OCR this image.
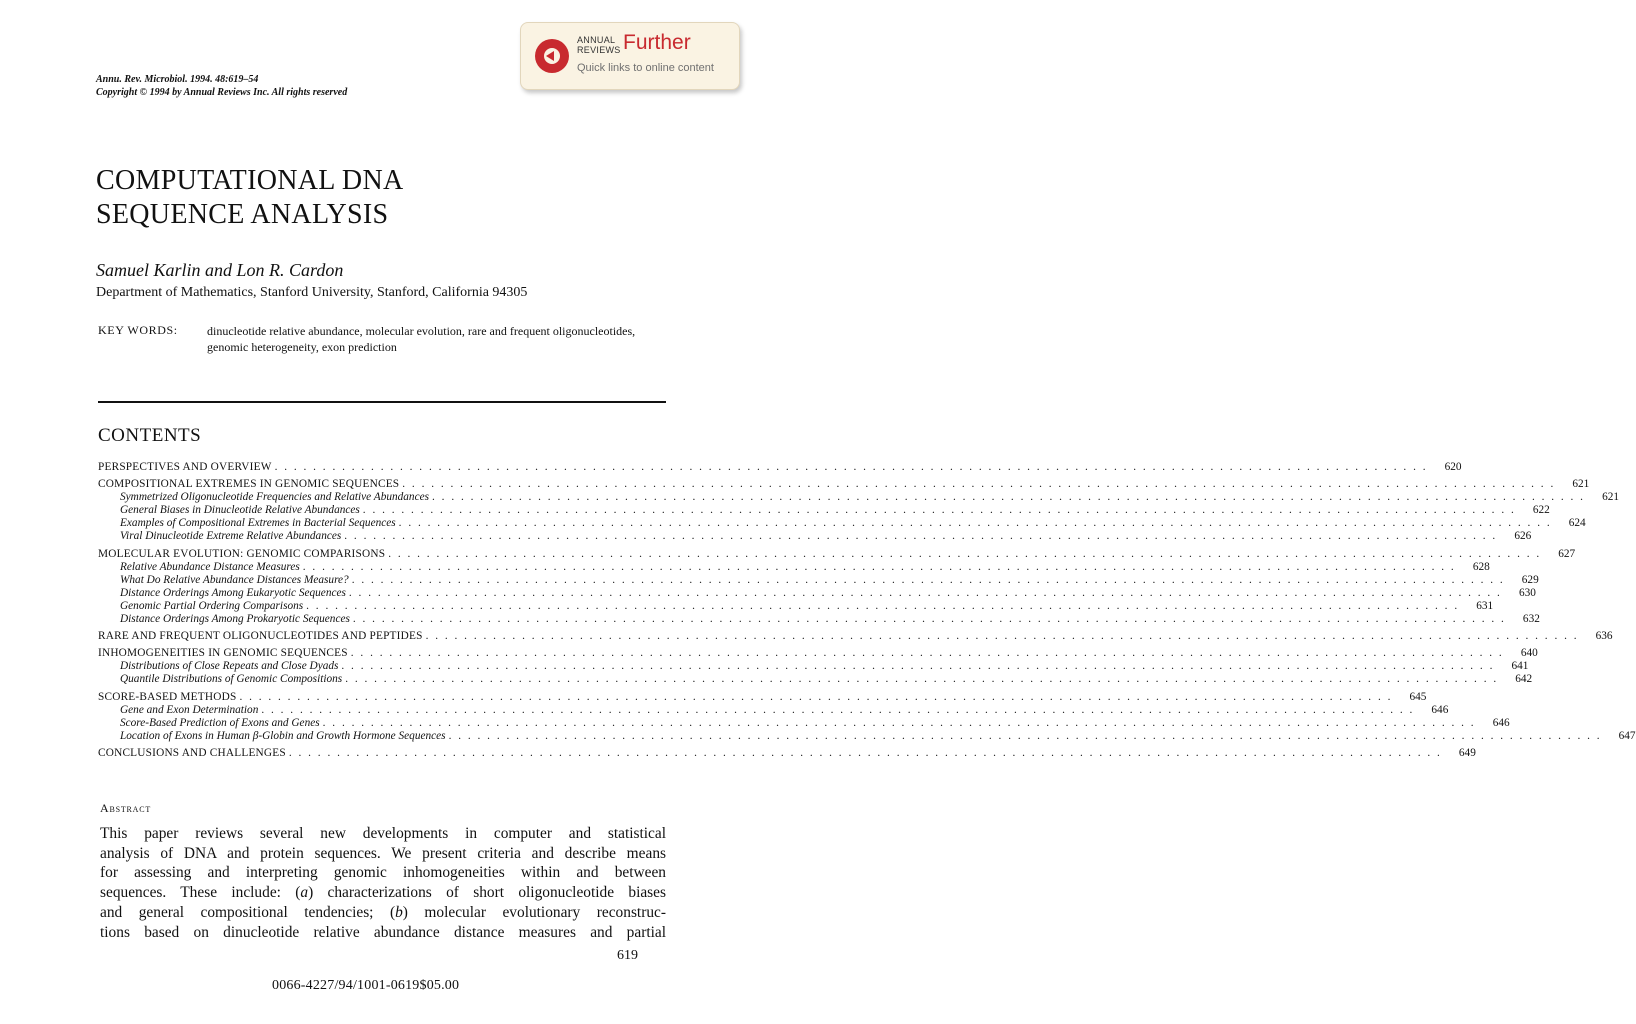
ANNUAL
REVIEWS Further
Quick links to online content
Annu. Rev. Microbiol. 1994. 48:619–54
Copyright © 1994 by Annual Reviews Inc. All rights reserved
COMPUTATIONAL DNA
SEQUENCE ANALYSIS
Samuel Karlin and Lon R. Cardon
Department of Mathematics, Stanford University, Stanford, California 94305
KEY WORDS: dinucleotide relative abundance, molecular evolution, rare and frequent oligonucleotides, genomic heterogeneity, exon prediction
CONTENTS
PERSPECTIVES AND OVERVIEW . . . . . . . . . . . . . . . . . . . . . . . . . . . . . . . . . . . . . . . . . . . . . . . . . . . . . . . . . . . . . . . . . . . . . . . . . . . . . . . . . . . . . . . . . . . . . . . . . . . . . . . . . . . . . . . . . . . . . . . .	620
COMPOSITIONAL EXTREMES IN GENOMIC SEQUENCES . . . . . . . . . . . . . . . . . . . . . . . . . . . . . . . . . . . . . . . . . . . . . . . . . . . . . . . . . . . . . . . . . . . . . . . . . . . . . . . . . . . . . . . . . . . . . . . . . . . . . . . . . . . . . . . . . . . . . . . .	621
Symmetrized Oligonucleotide Frequencies and Relative Abundances . . . . . . . . . . . . . . . . . . . . . . . . . . . . . . . . . . . . . . . . . . . . . . . . . . . . . . . . . . . . . . . . . . . . . . . . . . . . . . . . . . . . . . . . . . . . . . . . . . . . . . . . . . . . . . . . . . . . . . . .	621
General Biases in Dinucleotide Relative Abundances . . . . . . . . . . . . . . . . . . . . . . . . . . . . . . . . . . . . . . . . . . . . . . . . . . . . . . . . . . . . . . . . . . . . . . . . . . . . . . . . . . . . . . . . . . . . . . . . . . . . . . . . . . . . . . . . . . . . . . . .	622
Examples of Compositional Extremes in Bacterial Sequences . . . . . . . . . . . . . . . . . . . . . . . . . . . . . . . . . . . . . . . . . . . . . . . . . . . . . . . . . . . . . . . . . . . . . . . . . . . . . . . . . . . . . . . . . . . . . . . . . . . . . . . . . . . . . . . . . . . . . . . .	624
Viral Dinucleotide Extreme Relative Abundances . . . . . . . . . . . . . . . . . . . . . . . . . . . . . . . . . . . . . . . . . . . . . . . . . . . . . . . . . . . . . . . . . . . . . . . . . . . . . . . . . . . . . . . . . . . . . . . . . . . . . . . . . . . . . . . . . . . . . . . .	626
MOLECULAR EVOLUTION: GENOMIC COMPARISONS . . . . . . . . . . . . . . . . . . . . . . . . . . . . . . . . . . . . . . . . . . . . . . . . . . . . . . . . . . . . . . . . . . . . . . . . . . . . . . . . . . . . . . . . . . . . . . . . . . . . . . . . . . . . . . . . . . . . . . . .	627
Relative Abundance Distance Measures . . . . . . . . . . . . . . . . . . . . . . . . . . . . . . . . . . . . . . . . . . . . . . . . . . . . . . . . . . . . . . . . . . . . . . . . . . . . . . . . . . . . . . . . . . . . . . . . . . . . . . . . . . . . . . . . . . . . . . . .	628
What Do Relative Abundance Distances Measure? . . . . . . . . . . . . . . . . . . . . . . . . . . . . . . . . . . . . . . . . . . . . . . . . . . . . . . . . . . . . . . . . . . . . . . . . . . . . . . . . . . . . . . . . . . . . . . . . . . . . . . . . . . . . . . . . . . . . . . . .	629
Distance Orderings Among Eukaryotic Sequences . . . . . . . . . . . . . . . . . . . . . . . . . . . . . . . . . . . . . . . . . . . . . . . . . . . . . . . . . . . . . . . . . . . . . . . . . . . . . . . . . . . . . . . . . . . . . . . . . . . . . . . . . . . . . . . . . . . . . . . .	630
Genomic Partial Ordering Comparisons . . . . . . . . . . . . . . . . . . . . . . . . . . . . . . . . . . . . . . . . . . . . . . . . . . . . . . . . . . . . . . . . . . . . . . . . . . . . . . . . . . . . . . . . . . . . . . . . . . . . . . . . . . . . . . . . . . . . . . . .	631
Distance Orderings Among Prokaryotic Sequences . . . . . . . . . . . . . . . . . . . . . . . . . . . . . . . . . . . . . . . . . . . . . . . . . . . . . . . . . . . . . . . . . . . . . . . . . . . . . . . . . . . . . . . . . . . . . . . . . . . . . . . . . . . . . . . . . . . . . . . .	632
RARE AND FREQUENT OLIGONUCLEOTIDES AND PEPTIDES . . . . . . . . . . . . . . . . . . . . . . . . . . . . . . . . . . . . . . . . . . . . . . . . . . . . . . . . . . . . . . . . . . . . . . . . . . . . . . . . . . . . . . . . . . . . . . . . . . . . . . . . . . . . . . . . . . . . . . . .	636
INHOMOGENEITIES IN GENOMIC SEQUENCES . . . . . . . . . . . . . . . . . . . . . . . . . . . . . . . . . . . . . . . . . . . . . . . . . . . . . . . . . . . . . . . . . . . . . . . . . . . . . . . . . . . . . . . . . . . . . . . . . . . . . . . . . . . . . . . . . . . . . . . .	640
Distributions of Close Repeats and Close Dyads . . . . . . . . . . . . . . . . . . . . . . . . . . . . . . . . . . . . . . . . . . . . . . . . . . . . . . . . . . . . . . . . . . . . . . . . . . . . . . . . . . . . . . . . . . . . . . . . . . . . . . . . . . . . . . . . . . . . . . . .	641
Quantile Distributions of Genomic Compositions . . . . . . . . . . . . . . . . . . . . . . . . . . . . . . . . . . . . . . . . . . . . . . . . . . . . . . . . . . . . . . . . . . . . . . . . . . . . . . . . . . . . . . . . . . . . . . . . . . . . . . . . . . . . . . . . . . . . . . . .	642
SCORE-BASED METHODS . . . . . . . . . . . . . . . . . . . . . . . . . . . . . . . . . . . . . . . . . . . . . . . . . . . . . . . . . . . . . . . . . . . . . . . . . . . . . . . . . . . . . . . . . . . . . . . . . . . . . . . . . . . . . . . . . . . . . . . .	645
Gene and Exon Determination . . . . . . . . . . . . . . . . . . . . . . . . . . . . . . . . . . . . . . . . . . . . . . . . . . . . . . . . . . . . . . . . . . . . . . . . . . . . . . . . . . . . . . . . . . . . . . . . . . . . . . . . . . . . . . . . . . . . . . . .	646
Score-Based Prediction of Exons and Genes . . . . . . . . . . . . . . . . . . . . . . . . . . . . . . . . . . . . . . . . . . . . . . . . . . . . . . . . . . . . . . . . . . . . . . . . . . . . . . . . . . . . . . . . . . . . . . . . . . . . . . . . . . . . . . . . . . . . . . . .	646
Location of Exons in Human β-Globin and Growth Hormone Sequences . . . . . . . . . . . . . . . . . . . . . . . . . . . . . . . . . . . . . . . . . . . . . . . . . . . . . . . . . . . . . . . . . . . . . . . . . . . . . . . . . . . . . . . . . . . . . . . . . . . . . . . . . . . . . . . . . . . . . . . .	647
CONCLUSIONS AND CHALLENGES . . . . . . . . . . . . . . . . . . . . . . . . . . . . . . . . . . . . . . . . . . . . . . . . . . . . . . . . . . . . . . . . . . . . . . . . . . . . . . . . . . . . . . . . . . . . . . . . . . . . . . . . . . . . . . . . . . . . . . . .	649
Abstract
This paper reviews several new developments in computer and statistical
analysis of DNA and protein sequences. We present criteria and describe means
for assessing and interpreting genomic inhomogeneities within and between
sequences. These include: (a) characterizations of short oligonucleotide biases
and general compositional tendencies; (b) molecular evolutionary reconstruc-
tions based on dinucleotide relative abundance distance measures and partial
619
0066-4227/94/1001-0619$05.00
